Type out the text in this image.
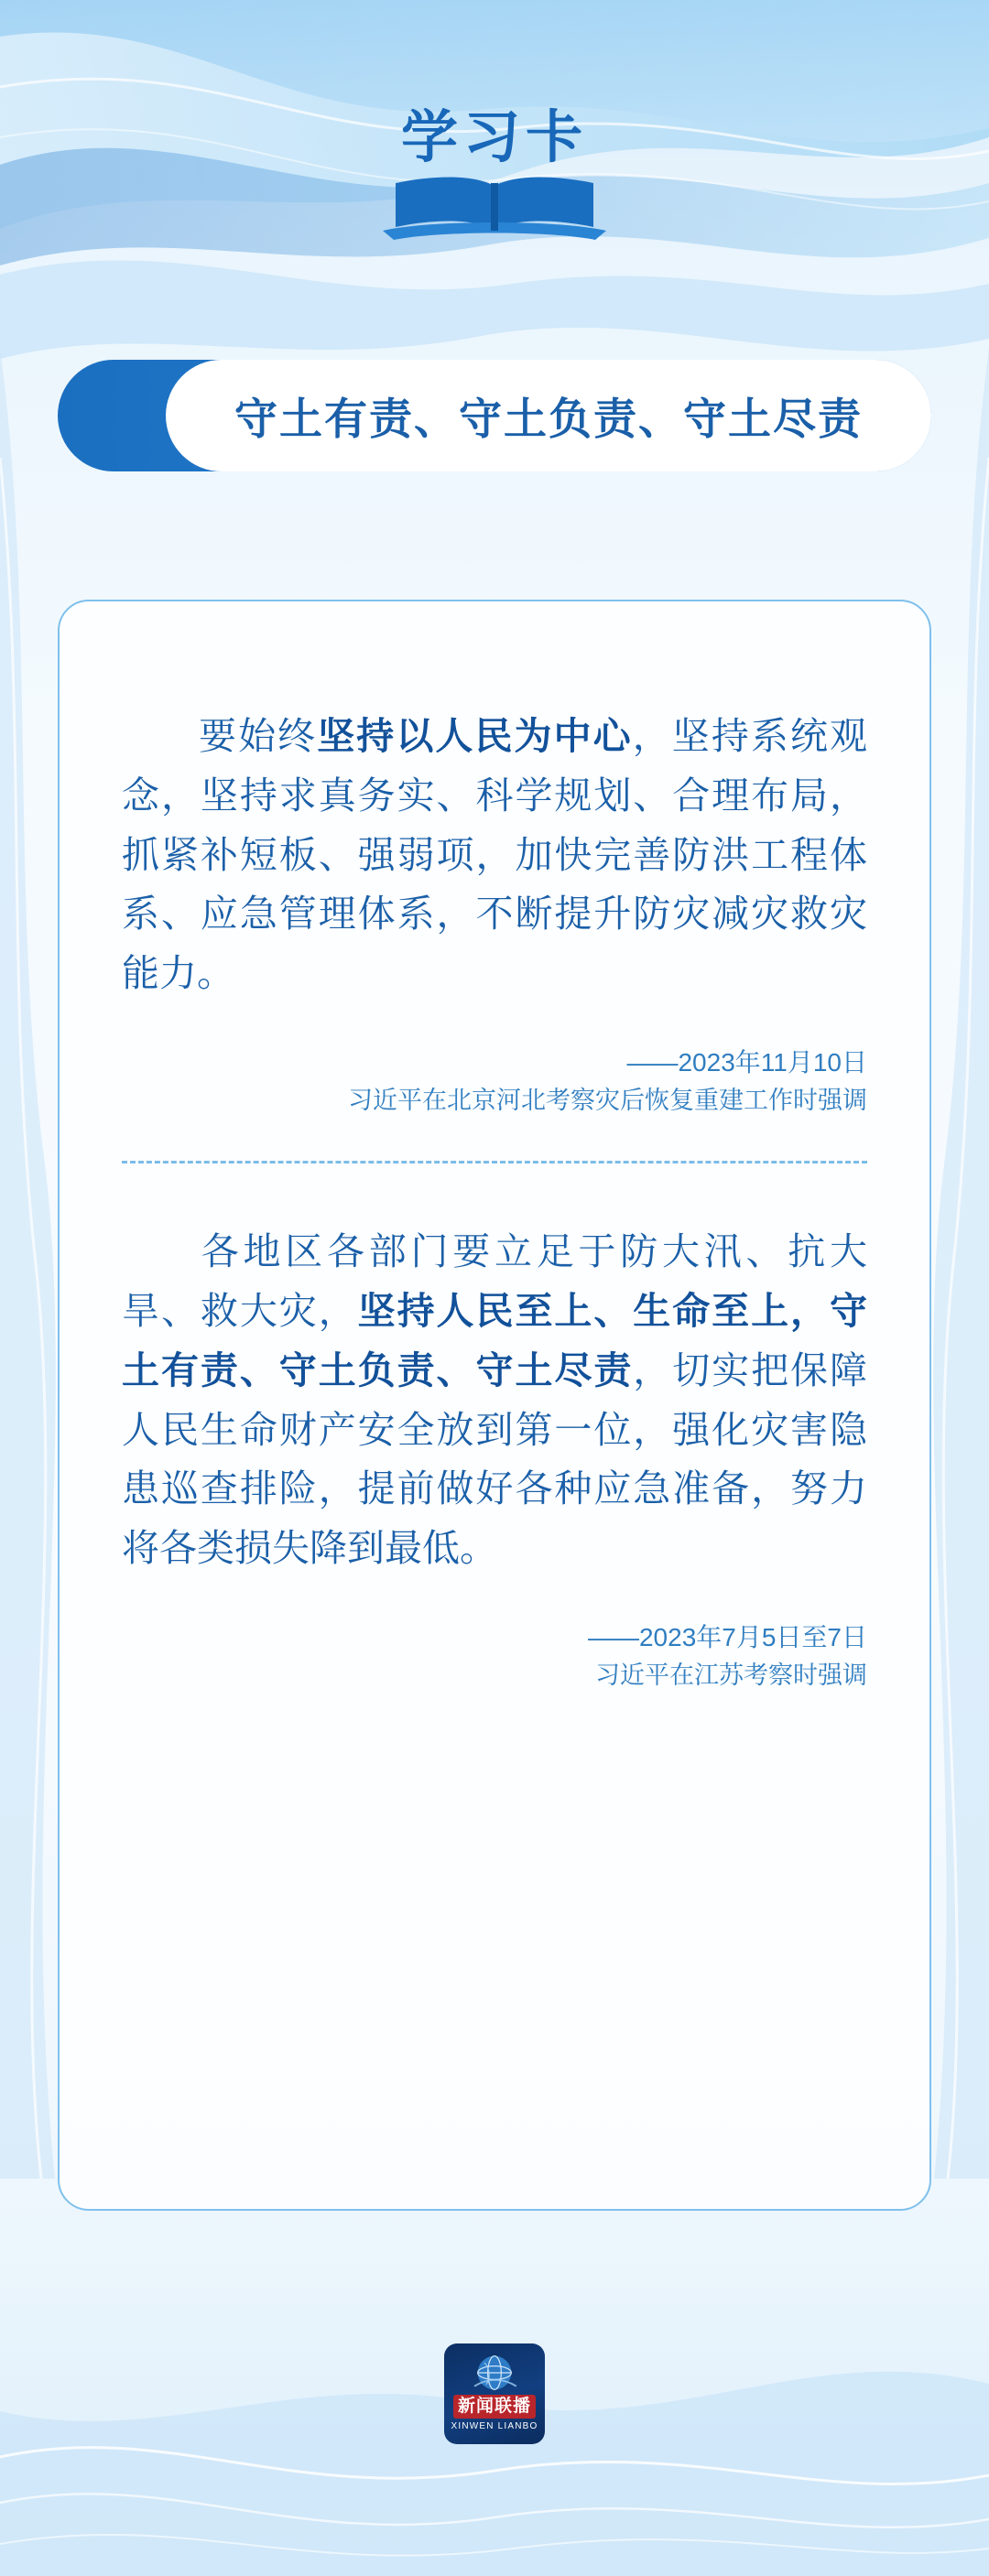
学习卡
守土有责、守土负责、守土尽责
要始终坚持以人民为中心，坚持系统观念，坚持求真务实、科学规划、合理布局，抓紧补短板、强弱项，加快完善防洪工程体系、应急管理体系，不断提升防灾减灾救灾能力。
——2023年11月10日
习近平在北京河北考察灾后恢复重建工作时强调
各地区各部门要立足于防大汛、抗大旱、救大灾，坚持人民至上、生命至上，守土有责、守土负责、守土尽责，切实把保障人民生命财产安全放到第一位，强化灾害隐患巡查排险，提前做好各种应急准备，努力将各类损失降到最低。
——2023年7月5日至7日
习近平在江苏考察时强调
新闻联播
XINWEN LIANBO
